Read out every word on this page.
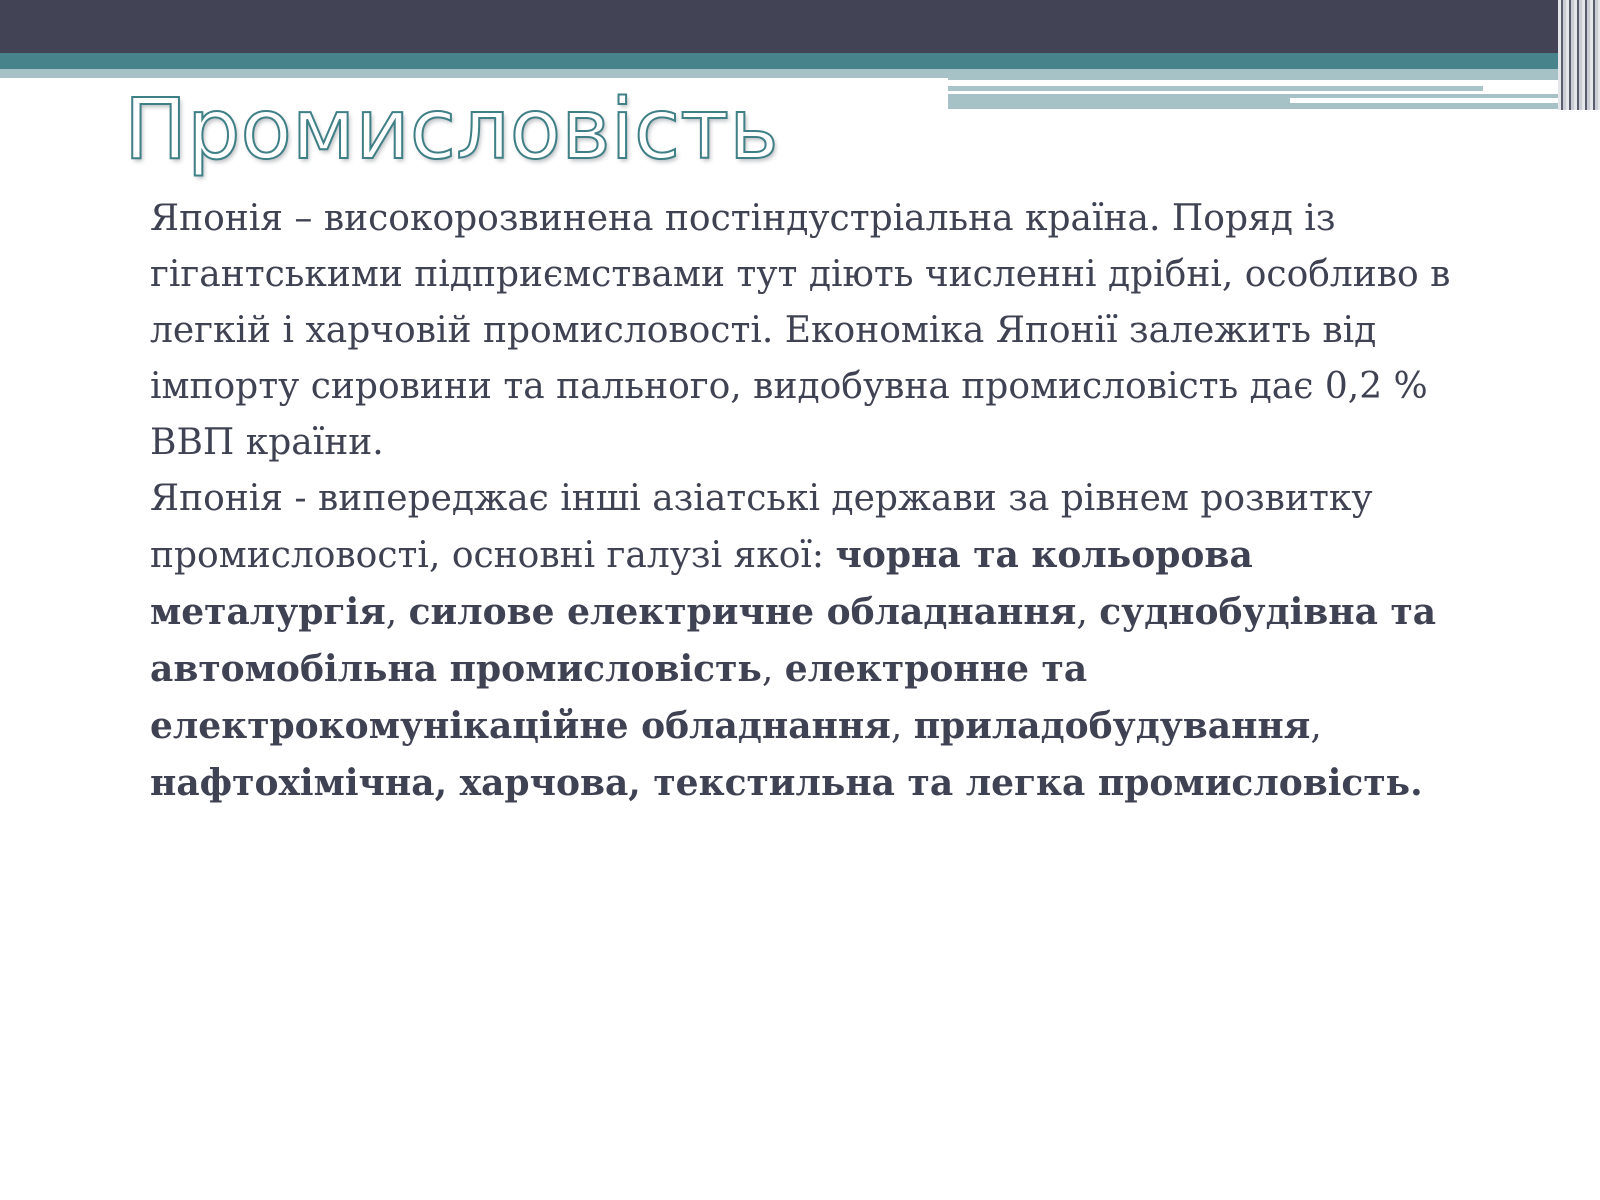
Промисловість

Японія – високорозвинена постіндустріальна країна. Поряд із гігантськими підприємствами тут діють численні дрібні, особливо в легкій і харчовій промисловості. Економіка Японії залежить від імпорту сировини та пального, видобувна промисловість дає 0,2 % ВВП країни.

Японія - випереджає інші азіатські держави за рівнем розвитку промисловості, основні галузі якої: чорна та кольорова металургія, силове електричне обладнання, суднобудівна та автомобільна промисловість, електронне та електрокомунікаційне обладнання, приладобудування, нафтохімічна, харчова, текстильна та легка промисловість.
